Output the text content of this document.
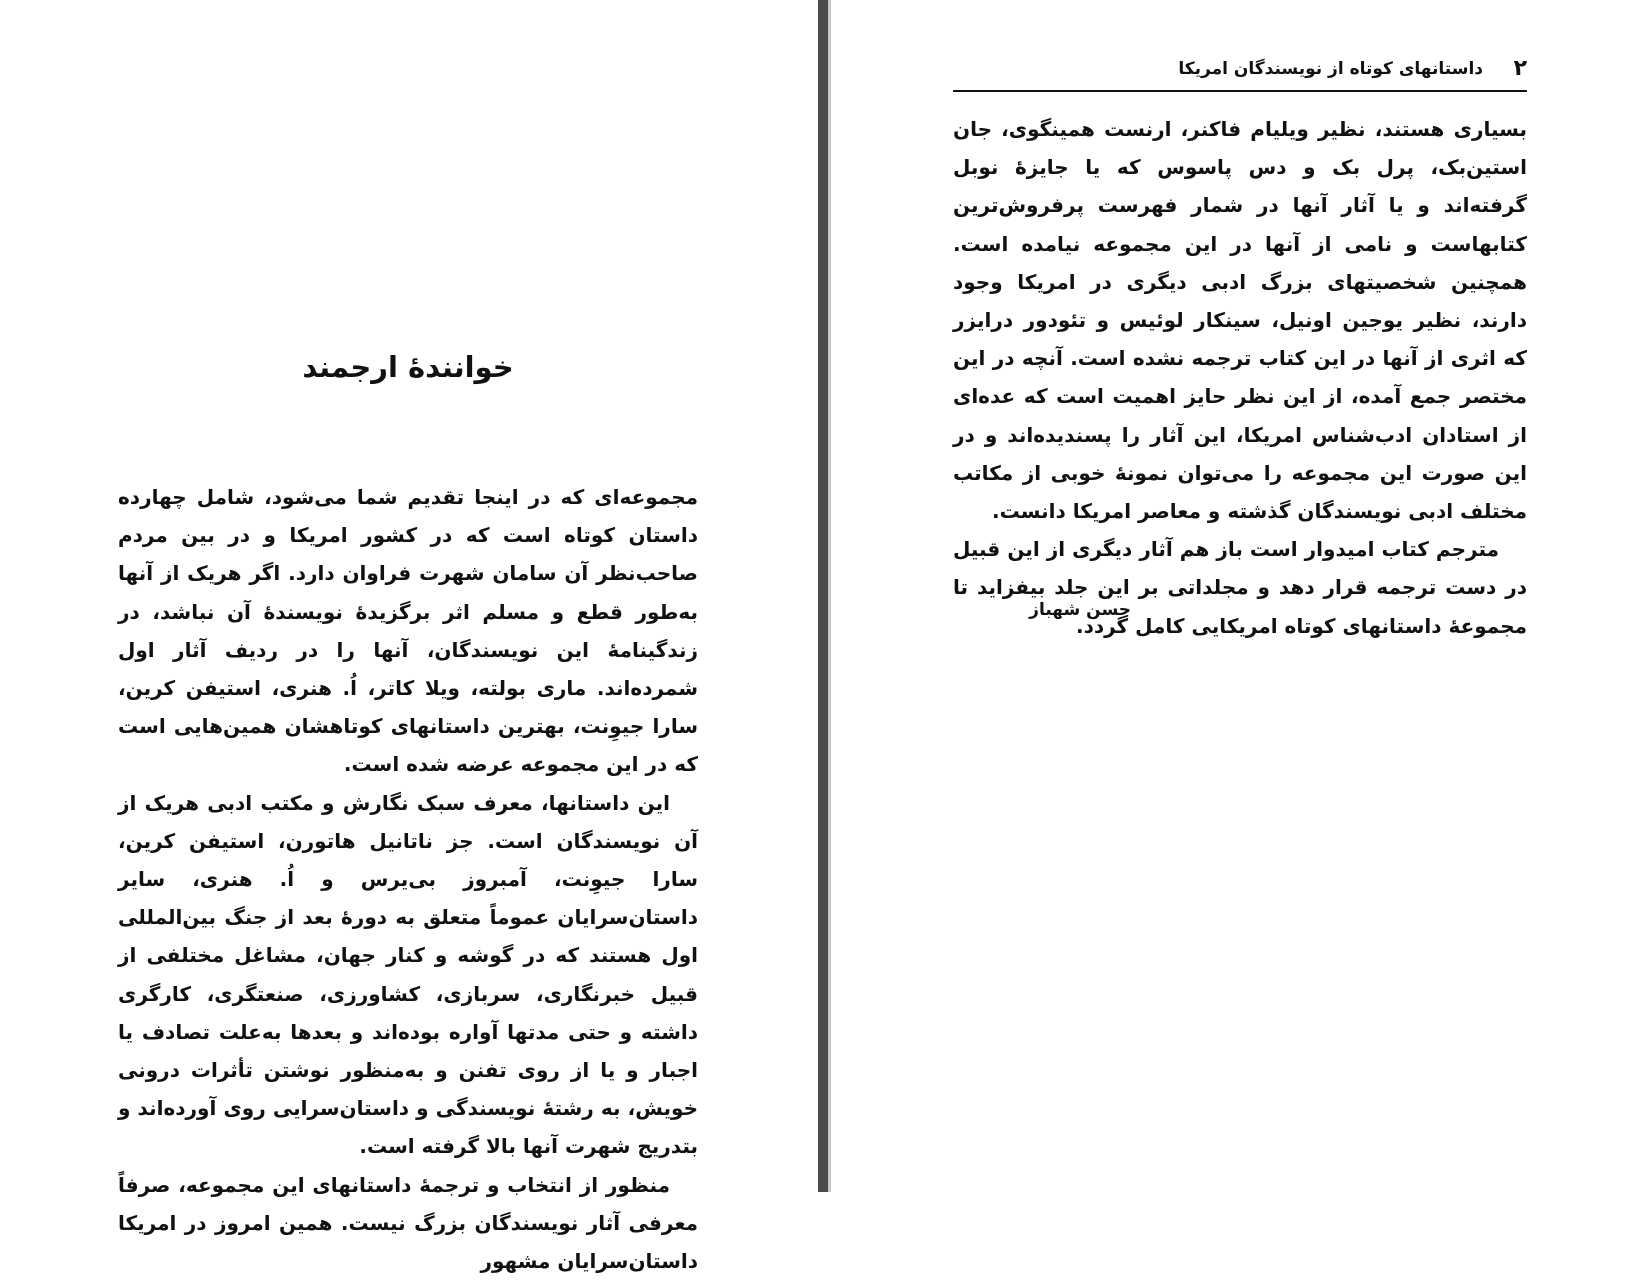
خوانندهٔ ارجمند

مجموعه‌ای که در اینجا تقدیم شما می‌شود، شامل چهارده داستان کوتاه است که در کشور امریکا و در بین مردم صاحب‌نظر آن سامان شهرت فراوان دارد. اگر هریک از آنها به‌طور قطع و مسلم اثر برگزیدهٔ نویسندهٔ آن نباشد، در زندگینامهٔ این نویسندگان، آنها را در ردیف آثار اول شمرده‌اند. ماری بولته، ویلا کاتر، اُ. هنری، استیفن کرین، سارا جیوِنت، بهترین داستانهای کوتاهشان همین‌هایی است که در این مجموعه عرضه شده است.

این داستانها، معرف سبک نگارش و مکتب ادبی هریک از آن نویسندگان است. جز ناتانیل هاتورن، استیفن کرین، سارا جیوِنت، آمبروز بی‌یرس و اُ. هنری، سایر داستان‌سرایان عموماً متعلق به دورهٔ بعد از جنگ بین‌المللی اول هستند که در گوشه و کنار جهان، مشاغل مختلفی از قبیل خبرنگاری، سربازی، کشاورزی، صنعتگری، کارگری داشته و حتی مدتها آواره بوده‌اند و بعدها به‌علت تصادف یا اجبار و یا از روی تفنن و به‌منظور نوشتن تأثرات درونی خویش، به رشتهٔ نویسندگی و داستان‌سرایی روی آورده‌اند و بتدریج شهرت آنها بالا گرفته است.

منظور از انتخاب و ترجمهٔ داستانهای این مجموعه، صرفاً معرفی آثار نویسندگان بزرگ نیست. همین امروز در امریکا داستان‌سرایان مشهور

۲
داستانهای کوتاه از نویسندگان امریکا

بسیاری هستند، نظیر ویلیام فاکنر، ارنست همینگوی، جان استین‌بک، پرل بک و دس پاسوس که یا جایزهٔ نوبل گرفته‌اند و یا آثار آنها در شمار فهرست پرفروش‌ترین کتابهاست و نامی از آنها در این مجموعه نیامده است. همچنین شخصیتهای بزرگ ادبی دیگری در امریکا وجود دارند، نظیر یوجین اونیل، سینکار لوئیس و تئودور درایزر که اثری از آنها در این کتاب ترجمه نشده است. آنچه در این مختصر جمع آمده، از این نظر حایز اهمیت است که عده‌ای از استادان ادب‌شناس امریکا، این آثار را پسندیده‌اند و در این صورت این مجموعه را می‌توان نمونهٔ خوبی از مکاتب مختلف ادبی نویسندگان گذشته و معاصر امریکا دانست.

مترجم کتاب امیدوار است باز هم آثار دیگری از این قبیل در دست ترجمه قرار دهد و مجلداتی بر این جلد بیفزاید تا مجموعهٔ داستانهای کوتاه امریکایی کامل گردد.

حسن شهباز
